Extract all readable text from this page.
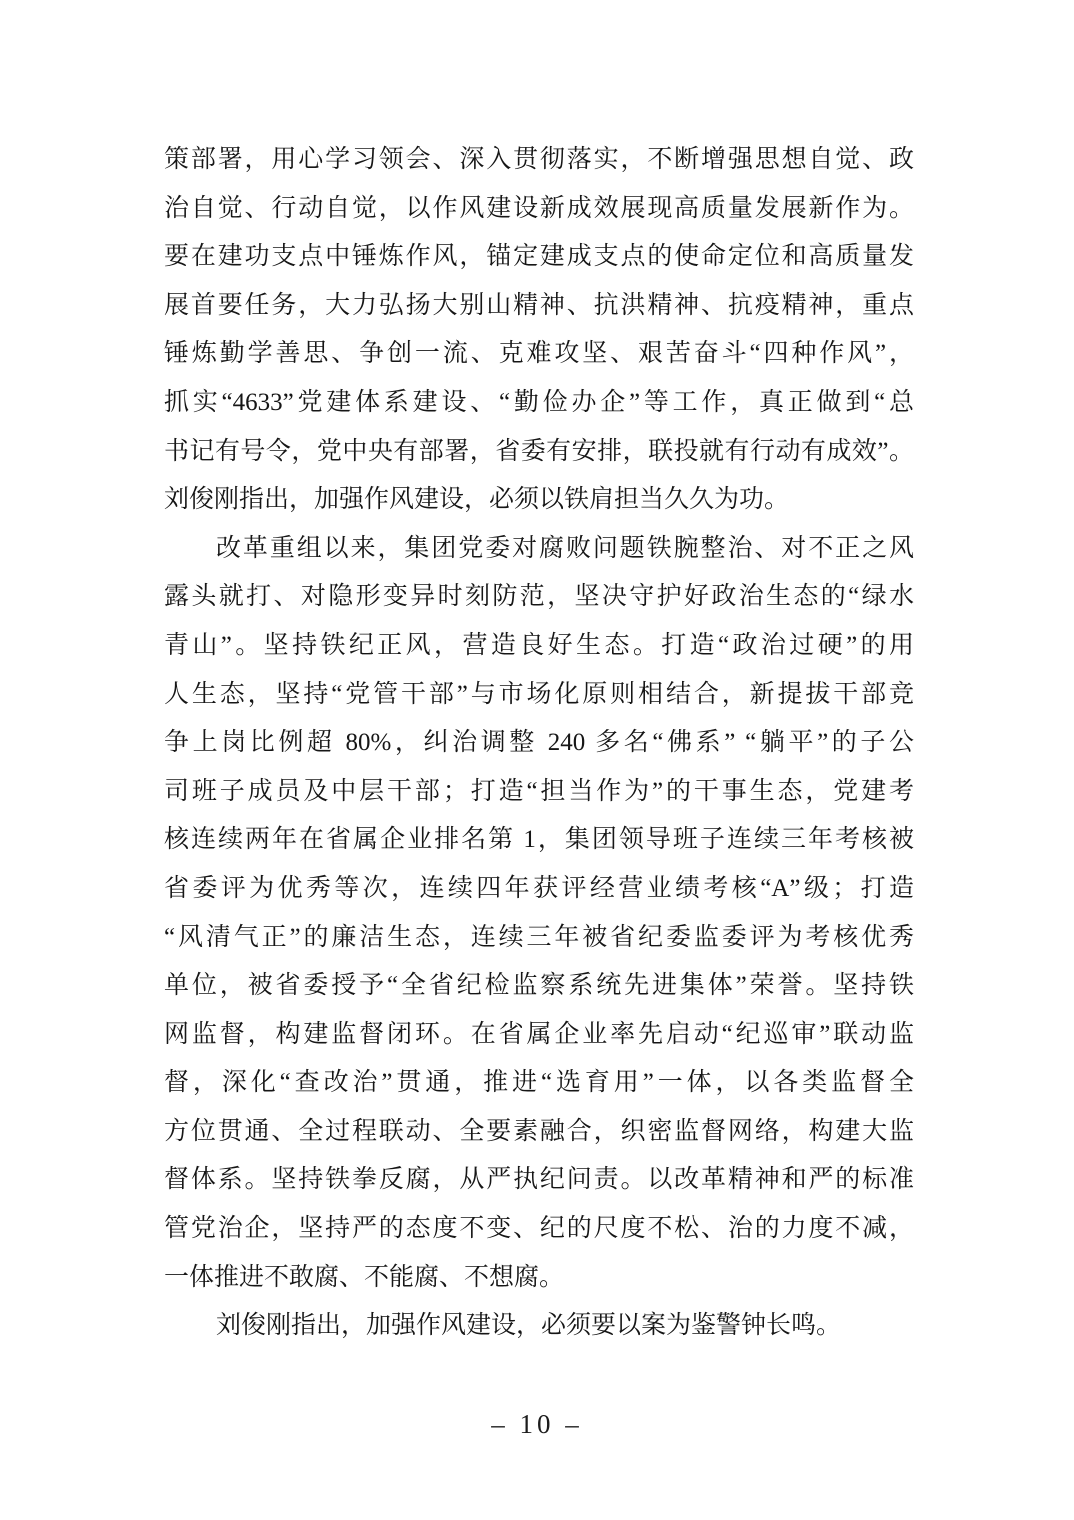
策部署，用心学习领会、深入贯彻落实，不断增强思想自觉、政
治自觉、行动自觉，以作风建设新成效展现高质量发展新作为。
要在建功支点中锤炼作风，锚定建成支点的使命定位和高质量发
展首要任务，大力弘扬大别山精神、抗洪精神、抗疫精神，重点
锤炼勤学善思、争创一流、克难攻坚、艰苦奋斗“四种作风”，
抓实“4633”党建体系建设、“勤俭办企”等工作，真正做到“总
书记有号令，党中央有部署，省委有安排，联投就有行动有成效”。
刘俊刚指出，加强作风建设，必须以铁肩担当久久为功。
改革重组以来，集团党委对腐败问题铁腕整治、对不正之风
露头就打、对隐形变异时刻防范，坚决守护好政治生态的“绿水
青山”。坚持铁纪正风，营造良好生态。打造“政治过硬”的用
人生态，坚持“党管干部”与市场化原则相结合，新提拔干部竞
争上岗比例超 80%，纠治调整 240 多名“佛系” “躺平”的子公
司班子成员及中层干部；打造“担当作为”的干事生态，党建考
核连续两年在省属企业排名第 1，集团领导班子连续三年考核被
省委评为优秀等次，连续四年获评经营业绩考核“A”级；打造
“风清气正”的廉洁生态，连续三年被省纪委监委评为考核优秀
单位，被省委授予“全省纪检监察系统先进集体”荣誉。坚持铁
网监督，构建监督闭环。在省属企业率先启动“纪巡审”联动监
督，深化“查改治”贯通，推进“选育用”一体，以各类监督全
方位贯通、全过程联动、全要素融合，织密监督网络，构建大监
督体系。坚持铁拳反腐，从严执纪问责。以改革精神和严的标准
管党治企，坚持严的态度不变、纪的尺度不松、治的力度不减，
一体推进不敢腐、不能腐、不想腐。
刘俊刚指出，加强作风建设，必须要以案为鉴警钟长鸣。
– 10 –
